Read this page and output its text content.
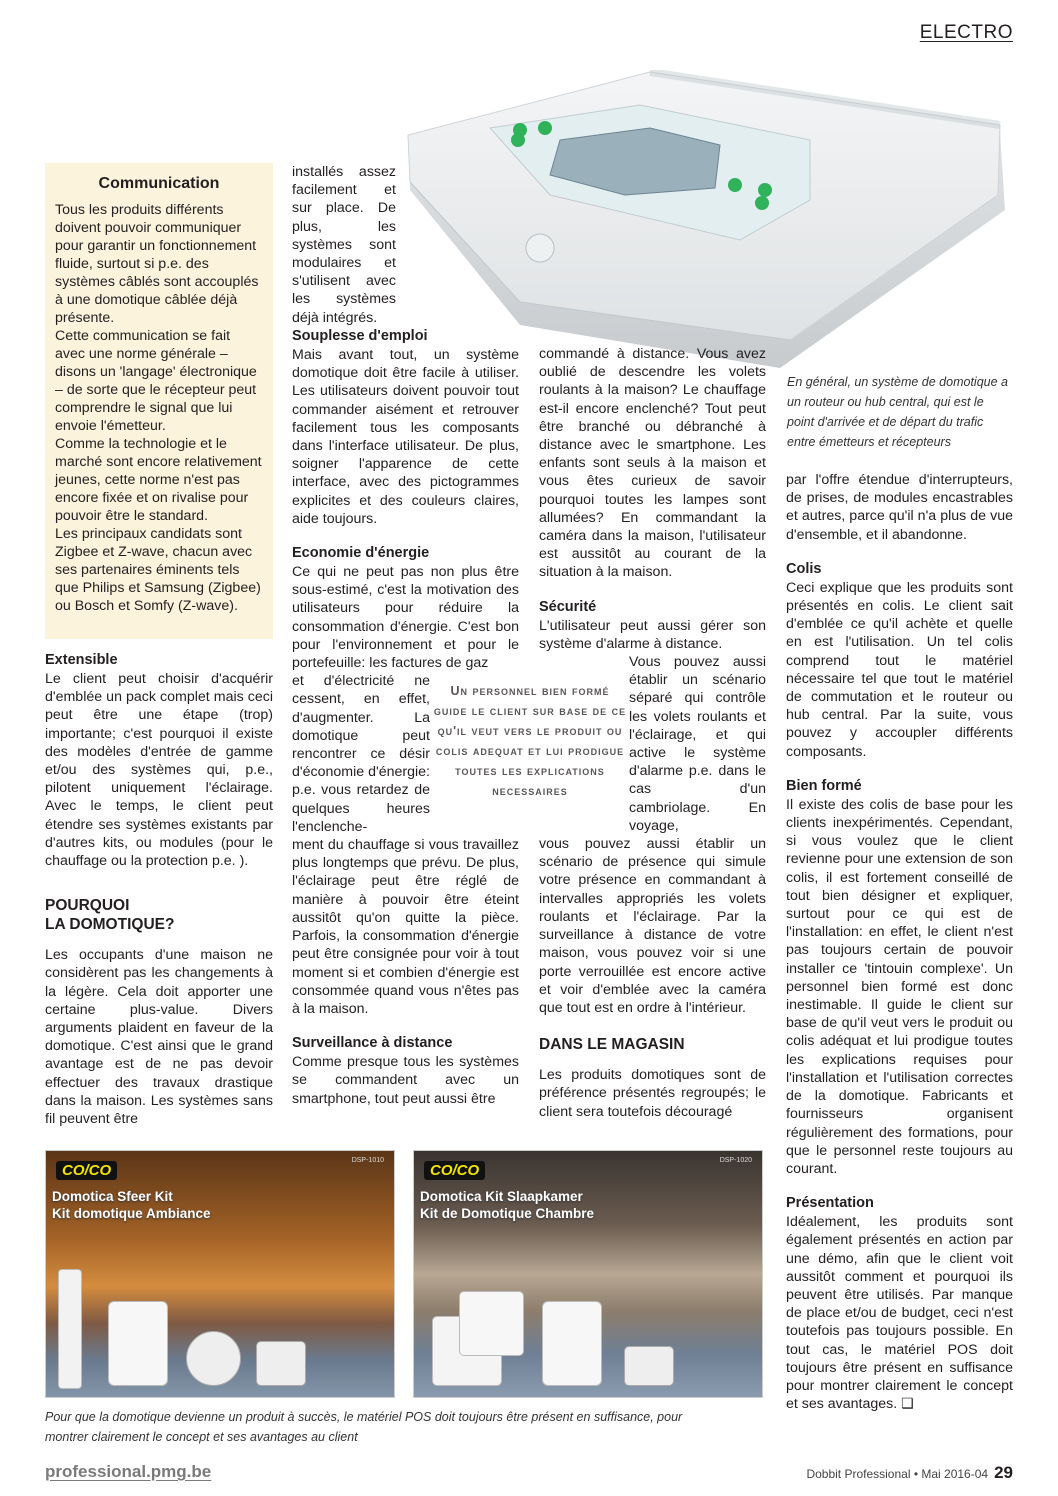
ELECTRO
Communication

Tous les produits différents doivent pouvoir communiquer pour garantir un fonctionnement fluide, surtout si p.e. des systèmes câblés sont accouplés à une domotique câblée déjà présente.

Cette communication se fait avec une norme générale – disons un 'langage' électronique – de sorte que le récepteur peut comprendre le signal que lui envoie l'émetteur.

Comme la technologie et le marché sont encore relativement jeunes, cette norme n'est pas encore fixée et on rivalise pour pouvoir être le standard.

Les principaux candidats sont Zigbee et Z-wave, chacun avec ses partenaires éminents tels que Philips et Samsung (Zigbee) ou Bosch et Somfy (Z-wave).

Extensible

Le client peut choisir d'acquérir d'emblée un pack complet mais ceci peut être une étape (trop) importante; c'est pourquoi il existe des modèles d'entrée de gamme et/ou des systèmes qui, p.e., pilotent uniquement l'éclairage. Avec le temps, le client peut étendre ses systèmes existants par d'autres kits, ou modules (pour le chauffage ou la protection p.e. ).

POURQUOI
LA DOMOTIQUE?

Les occupants d'une maison ne considèrent pas les changements à la légère. Cela doit apporter une certaine plus-value. Divers arguments plaident en faveur de la domotique. C'est ainsi que le grand avantage est de ne pas devoir effectuer des travaux drastique dans la maison. Les systèmes sans fil peuvent être

installés assez facilement et sur place. De plus, les systèmes sont modulaires et s'utilisent avec les systèmes déjà intégrés.

Souplesse d'emploi

Mais avant tout, un système domotique doit être facile à utiliser. Les utilisateurs doivent pouvoir tout commander aisément et retrouver facilement tous les composants dans l'interface utilisateur. De plus, soigner l'apparence de cette interface, avec des pictogrammes explicites et des couleurs claires, aide toujours.

Economie d'énergie

Ce qui ne peut pas non plus être sous-estimé, c'est la motivation des utilisateurs pour réduire la consommation d'énergie. C'est bon pour l'environnement et pour le portefeuille: les factures de gaz

et d'électricité ne cessent, en effet, d'augmenter. La domotique peut rencontrer ce désir d'économie d'énergie: p.e. vous retardez de quelques heures l'enclenche-

ment du chauffage si vous travaillez plus longtemps que prévu. De plus, l'éclairage peut être réglé de manière à pouvoir être éteint aussitôt qu'on quitte la pièce. Parfois, la consommation d'énergie peut être consignée pour voir à tout moment si et combien d'énergie est consommée quand vous n'êtes pas à la maison.

Surveillance à distance

Comme presque tous les systèmes se commandent avec un smartphone, tout peut aussi être

commandé à distance. Vous avez oublié de descendre les volets roulants à la maison? Le chauffage est-il encore enclenché? Tout peut être branché ou débranché à distance avec le smartphone. Les enfants sont seuls à la maison et vous êtes curieux de savoir pourquoi toutes les lampes sont allumées? En commandant la caméra dans la maison, l'utilisateur est aussitôt au courant de la situation à la maison.

Sécurité

L'utilisateur peut aussi gérer son système d'alarme à distance.

Vous pouvez aussi établir un scénario séparé qui contrôle les volets roulants et l'éclairage, et qui active le système d'alarme p.e. dans le cas d'un cambriolage. En voyage,

vous pouvez aussi établir un scénario de présence qui simule votre présence en commandant à intervalles appropriés les volets roulants et l'éclairage. Par la surveillance à distance de votre maison, vous pouvez voir si une porte verrouillée est encore active et voir d'emblée avec la caméra que tout est en ordre à l'intérieur.

DANS LE MAGASIN

Les produits domotiques sont de préférence présentés regroupés; le client sera toutefois découragé

Un personnel bien formé guide le client sur base de ce qu'il veut vers le produit ou colis adequat et lui prodigue toutes les explications necessaires
En général, un système de domotique a un routeur ou hub central, qui est le point d'arrivée et de départ du trafic entre émetteurs et récepteurs

par l'offre étendue d'interrupteurs, de prises, de modules encastrables et autres, parce qu'il n'a plus de vue d'ensemble, et il abandonne.

Colis

Ceci explique que les produits sont présentés en colis. Le client sait d'emblée ce qu'il achète et quelle en est l'utilisation. Un tel colis comprend tout le matériel nécessaire tel que tout le matériel de commutation et le routeur ou hub central. Par la suite, vous pouvez y accoupler différents composants.

Bien formé

Il existe des colis de base pour les clients inexpérimentés. Cependant, si vous voulez que le client revienne pour une extension de son colis, il est fortement conseillé de tout bien désigner et expliquer, surtout pour ce qui est de l'installation: en effet, le client n'est pas toujours certain de pouvoir installer ce 'tintouin complexe'. Un personnel bien formé est donc inestimable. Il guide le client sur base de qu'il veut vers le produit ou colis adéquat et lui prodigue toutes les explications requises pour l'installation et l'utilisation correctes de la domotique. Fabricants et fournisseurs organisent régulièrement des formations, pour que le personnel reste toujours au courant.

Présentation

Idéalement, les produits sont également présentés en action par une démo, afin que le client voit aussitôt comment et pourquoi ils peuvent être utilisés. Par manque de place et/ou de budget, ceci n'est toutefois pas toujours possible. En tout cas, le matériel POS doit toujours être présent en suffisance pour montrer clairement le concept et ses avantages. ❑

CO/CO
DSP-1010
Domotica Sfeer Kit
Kit domotique Ambiance
CO/CO
DSP-1020
Domotica Kit Slaapkamer
Kit de Domotique Chambre
Pour que la domotique devienne un produit à succès, le matériel POS doit toujours être présent en suffisance, pour montrer clairement le concept et ses avantages au client
professional.pmg.be	Dobbit Professional • Mai 2016-04 29
